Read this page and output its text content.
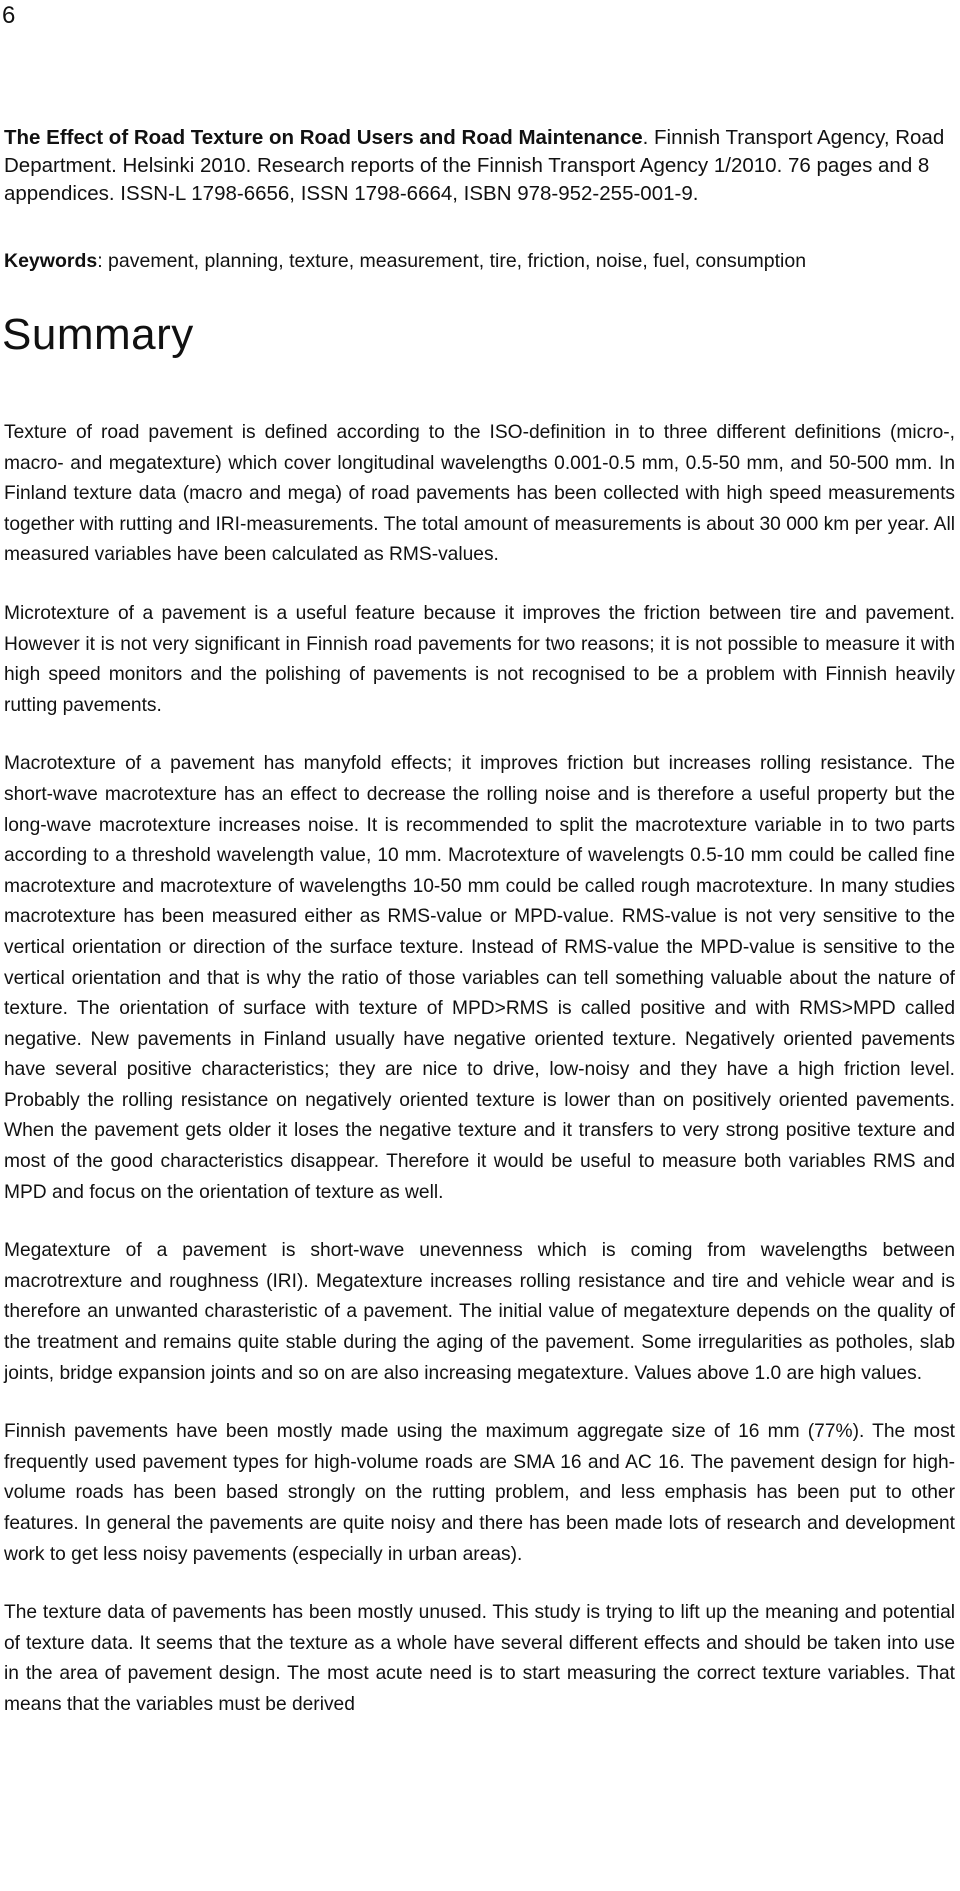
6

The Effect of Road Texture on Road Users and Road Maintenance. Finnish Transport Agency, Road Department. Helsinki 2010. Research reports of the Finnish Transport Agency 1/2010. 76 pages and 8 appendices. ISSN-L 1798-6656, ISSN 1798-6664, ISBN 978-952-255-001-9.

Keywords: pavement, planning, texture, measurement, tire, friction, noise, fuel, consumption

Summary

Texture of road pavement is defined according to the ISO-definition in to three different definitions (micro-, macro- and megatexture) which cover longitudinal wavelengths 0.001-0.5 mm, 0.5-50 mm, and 50-500 mm. In Finland texture data (macro and mega) of road pavements has been collected with high speed measurements together with rutting and IRI-measurements. The total amount of measurements is about 30 000 km per year. All measured variables have been calculated as RMS-values.

Microtexture of a pavement is a useful feature because it improves the friction between tire and pavement. However it is not very significant in Finnish road pavements for two reasons; it is not possible to measure it with high speed monitors and the polishing of pavements is not recognised to be a problem with Finnish heavily rutting pavements.

Macrotexture of a pavement has manyfold effects; it improves friction but increases rolling resistance. The short-wave macrotexture has an effect to decrease the rolling noise and is therefore a useful property but the long-wave macrotexture increases noise. It is recommended to split the macrotexture variable in to two parts according to a threshold wavelength value, 10 mm. Macrotexture of wavelengts 0.5-10 mm could be called fine macrotexture and macrotexture of wavelengths 10-50 mm could be called rough macrotexture. In many studies macrotexture has been measured either as RMS-value or MPD-value. RMS-value is not very sensitive to the vertical orientation or direction of the surface texture. Instead of RMS-value the MPD-value is sensitive to the vertical orientation and that is why the ratio of those variables can tell something valuable about the nature of texture. The orientation of surface with texture of MPD>RMS is called positive and with RMS>MPD called negative. New pavements in Finland usually have negative oriented texture. Negatively oriented pavements have several positive characteristics; they are nice to drive, low-noisy and they have a high friction level. Probably the rolling resistance on negatively oriented texture is lower than on positively oriented pavements. When the pavement gets older it loses the negative texture and it transfers to very strong positive texture and most of the good characteristics disappear. Therefore it would be useful to measure both variables RMS and MPD and focus on the orientation of texture as well.

Megatexture of a pavement is short-wave unevenness which is coming from wavelengths between macrotrexture and roughness (IRI). Megatexture increases rolling resistance and tire and vehicle wear and is therefore an unwanted charasteristic of a pavement. The initial value of megatexture depends on the quality of the treatment and remains quite stable during the aging of the pavement. Some irregularities as potholes, slab joints, bridge expansion joints and so on are also increasing megatexture. Values above 1.0 are high values.

Finnish pavements have been mostly made using the maximum aggregate size of 16 mm (77%). The most frequently used pavement types for high-volume roads are SMA 16 and AC 16. The pavement design for high-volume roads has been based strongly on the rutting problem, and less emphasis has been put to other features. In general the pavements are quite noisy and there has been made lots of research and development work to get less noisy pavements (especially in urban areas).

The texture data of pavements has been mostly unused. This study is trying to lift up the meaning and potential of texture data. It seems that the texture as a whole have several different effects and should be taken into use in the area of pavement design. The most acute need is to start measuring the correct texture variables. That means that the variables must be derived
